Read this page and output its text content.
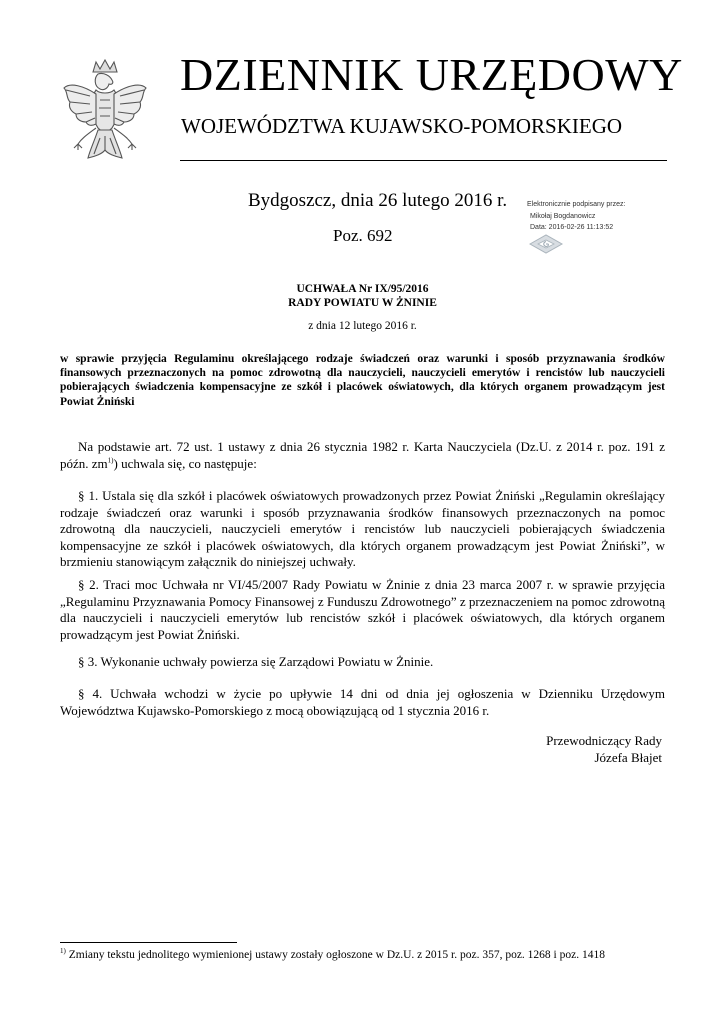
DZIENNIK URZĘDOWY
WOJEWÓDZTWA KUJAWSKO-POMORSKIEGO
Bydgoszcz, dnia 26 lutego 2016 r.
Poz. 692
Elektronicznie podpisany przez:
Mikołaj Bogdanowicz
Data: 2016-02-26 11:13:52
UCHWAŁA Nr IX/95/2016
RADY POWIATU W ŻNINIE
z dnia 12 lutego 2016 r.
w sprawie przyjęcia Regulaminu określającego rodzaje świadczeń oraz warunki i sposób przyznawania środków finansowych przeznaczonych na pomoc zdrowotną dla nauczycieli, nauczycieli emerytów i rencistów lub nauczycieli pobierających świadczenia kompensacyjne ze szkół i placówek oświatowych, dla których organem prowadzącym jest Powiat Żniński
Na podstawie art. 72 ust. 1 ustawy z dnia 26 stycznia 1982 r. Karta Nauczyciela (Dz.U. z 2014 r. poz. 191 z późn. $zm^{1)}$) uchwala się, co następuje:
§ 1. Ustala się dla szkół i placówek oświatowych prowadzonych przez Powiat Żniński „Regulamin określający rodzaje świadczeń oraz warunki i sposób przyznawania środków finansowych przeznaczonych na pomoc zdrowotną dla nauczycieli, nauczycieli emerytów i rencistów lub nauczycieli pobierających świadczenia kompensacyjne ze szkół i placówek oświatowych, dla których organem prowadzącym jest Powiat Żniński”, w brzmieniu stanowiącym załącznik do niniejszej uchwały.
§ 2. Traci moc Uchwała nr VI/45/2007 Rady Powiatu w Żninie z dnia 23 marca 2007 r. w sprawie przyjęcia „Regulaminu Przyznawania Pomocy Finansowej z Funduszu Zdrowotnego” z przeznaczeniem na pomoc zdrowotną dla nauczycieli i nauczycieli emerytów lub rencistów szkół i placówek oświatowych, dla których organem prowadzącym jest Powiat Żniński.
§ 3. Wykonanie uchwały powierza się Zarządowi Powiatu w Żninie.
§ 4. Uchwała wchodzi w życie po upływie 14 dni od dnia jej ogłoszenia w Dzienniku Urzędowym Województwa Kujawsko-Pomorskiego z mocą obowiązującą od 1 stycznia 2016 r.
Przewodniczący Rady
Józefa Błajet
$^{1)}$ Zmiany tekstu jednolitego wymienionej ustawy zostały ogłoszone w Dz.U. z 2015 r. poz. 357, poz. 1268 i poz. 1418
